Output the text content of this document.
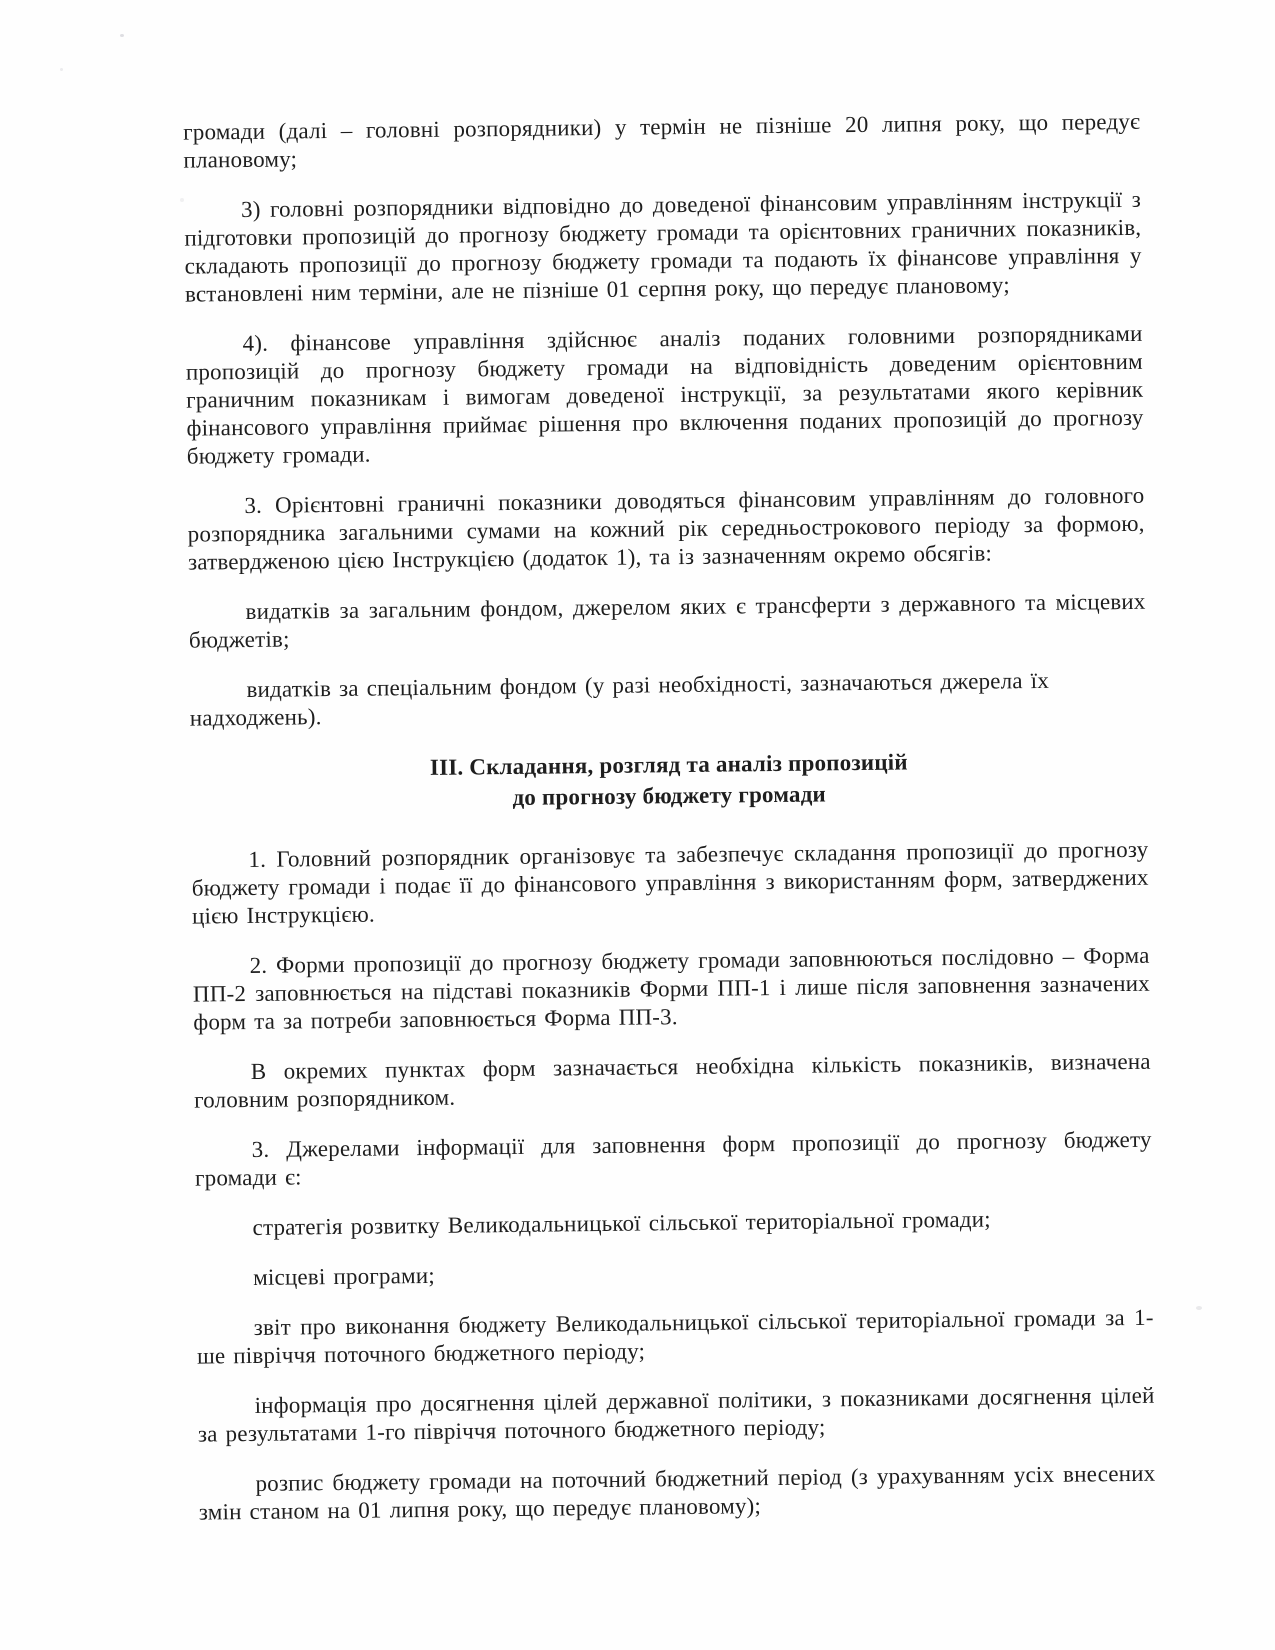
громади (далі – головні розпорядники) у термін не пізніше 20 липня року, що передує плановому;

3) головні розпорядники відповідно до доведеної фінансовим управлінням інструкції з підготовки пропозицій до прогнозу бюджету громади та орієнтовних граничних показників, складають пропозиції до прогнозу бюджету громади та подають їх фінансове управління у встановлені ним терміни, але не пізніше 01 серпня року, що передує плановому;

4). фінансове управління здійснює аналіз поданих головними розпорядниками пропозицій до прогнозу бюджету громади на відповідність доведеним орієнтовним граничним показникам і вимогам доведеної інструкції, за результатами якого керівник фінансового управління приймає рішення про включення поданих пропозицій до прогнозу бюджету громади.

3. Орієнтовні граничні показники доводяться фінансовим управлінням до головного розпорядника загальними сумами на кожний рік середньострокового періоду за формою, затвердженою цією Інструкцією (додаток 1), та із зазначенням окремо обсягів:

видатків за загальним фондом, джерелом яких є трансферти з державного та місцевих бюджетів;

видатків за спеціальним фондом (у разі необхідності, зазначаються джерела їх надходжень).

III. Складання, розгляд та аналіз пропозицій
до прогнозу бюджету громади

1. Головний розпорядник організовує та забезпечує складання пропозиції до прогнозу бюджету громади і подає її до фінансового управління з використанням форм, затверджених цією Інструкцією.

2. Форми пропозиції до прогнозу бюджету громади заповнюються послідовно – Форма ПП-2 заповнюється на підставі показників Форми ПП-1 і лише після заповнення зазначених форм та за потреби заповнюється Форма ПП-3.

В окремих пунктах форм зазначається необхідна кількість показників, визначена головним розпорядником.

3. Джерелами інформації для заповнення форм пропозиції до прогнозу бюджету громади є:

стратегія розвитку Великодальницької сільської територіальної громади;

місцеві програми;

звіт про виконання бюджету Великодальницької сільської територіальної громади за 1-ше півріччя поточного бюджетного періоду;

інформація про досягнення цілей державної політики, з показниками досягнення цілей за результатами 1-го півріччя поточного бюджетного періоду;

розпис бюджету громади на поточний бюджетний період (з урахуванням усіх внесених змін станом на 01 липня року, що передує плановому);
